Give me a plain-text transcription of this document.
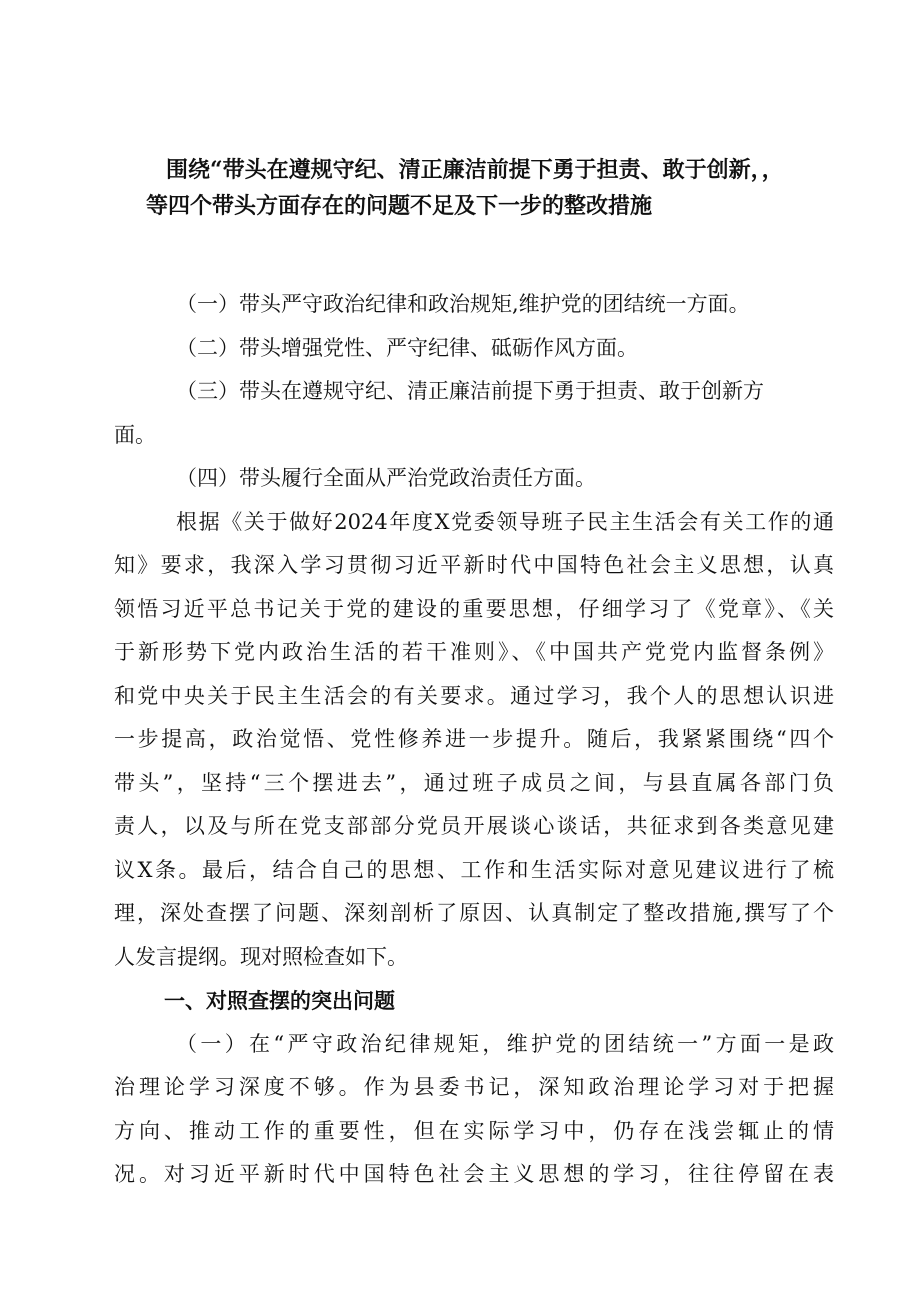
围绕“带头在遵规守纪、清正廉洁前提下勇于担责、敢于创新，，
等四个带头方面存在的问题不足及下一步的整改措施
（一）带头严守政治纪律和政治规矩,维护党的团结统一方面。
（二）带头增强党性、严守纪律、砥砺作风方面。
（三）带头在遵规守纪、清正廉洁前提下勇于担责、敢于创新方
面。
（四）带头履行全面从严治党政治责任方面。
根据《关于做好2024年度X党委领导班子民主生活会有关工作的通
知》要求，我深入学习贯彻习近平新时代中国特色社会主义思想，认真
领悟习近平总书记关于党的建设的重要思想，仔细学习了《党章》、《关
于新形势下党内政治生活的若干准则》、《中国共产党党内监督条例》
和党中央关于民主生活会的有关要求。通过学习，我个人的思想认识进
一步提高，政治觉悟、党性修养进一步提升。随后，我紧紧围绕“四个
带头”，坚持“三个摆进去”，通过班子成员之间，与县直属各部门负
责人，以及与所在党支部部分党员开展谈心谈话，共征求到各类意见建
议X条。最后，结合自己的思想、工作和生活实际对意见建议进行了梳
理，深处查摆了问题、深刻剖析了原因、认真制定了整改措施,撰写了个
人发言提纲。现对照检查如下。
一、对照查摆的突出问题
（一）在“严守政治纪律规矩，维护党的团结统一”方面一是政
治理论学习深度不够。作为县委书记，深知政治理论学习对于把握
方向、推动工作的重要性，但在实际学习中，仍存在浅尝辄止的情
况。对习近平新时代中国特色社会主义思想的学习，往往停留在表
